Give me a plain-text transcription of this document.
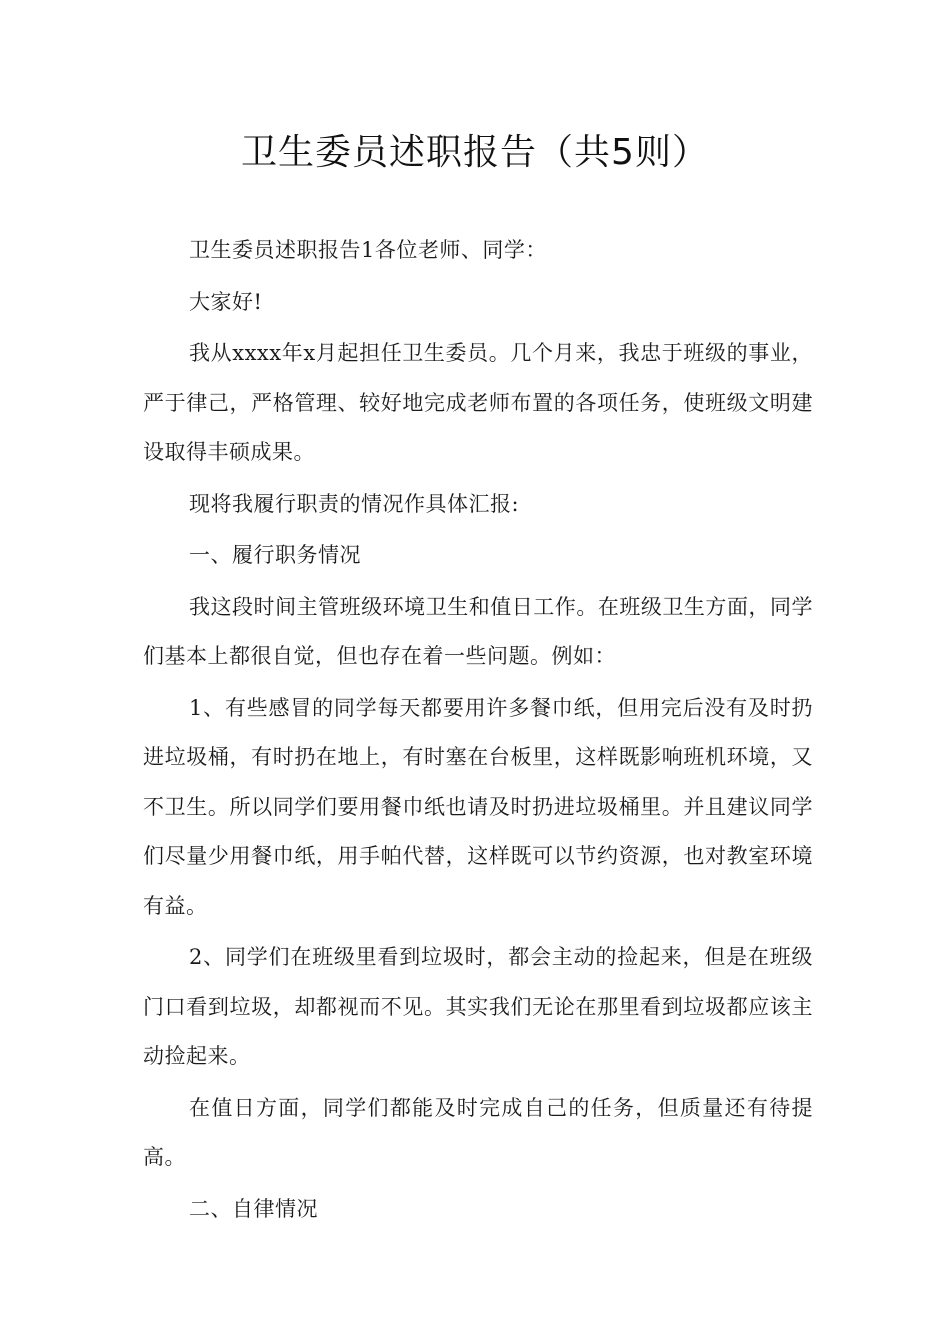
卫生委员述职报告（共5则）

卫生委员述职报告1各位老师、同学：

大家好!

我从xxxx年x月起担任卫生委员。几个月来，我忠于班级的事业，严于律己，严格管理、较好地完成老师布置的各项任务，使班级文明建设取得丰硕成果。

现将我履行职责的情况作具体汇报:

一、履行职务情况

我这段时间主管班级环境卫生和值日工作。在班级卫生方面，同学们基本上都很自觉，但也存在着一些问题。例如：

1、有些感冒的同学每天都要用许多餐巾纸，但用完后没有及时扔进垃圾桶，有时扔在地上，有时塞在台板里，这样既影响班机环境，又不卫生。所以同学们要用餐巾纸也请及时扔进垃圾桶里。并且建议同学们尽量少用餐巾纸，用手帕代替，这样既可以节约资源，也对教室环境有益。

2、同学们在班级里看到垃圾时，都会主动的捡起来，但是在班级门口看到垃圾，却都视而不见。其实我们无论在那里看到垃圾都应该主动捡起来。

在值日方面，同学们都能及时完成自己的任务，但质量还有待提高。

二、自律情况
